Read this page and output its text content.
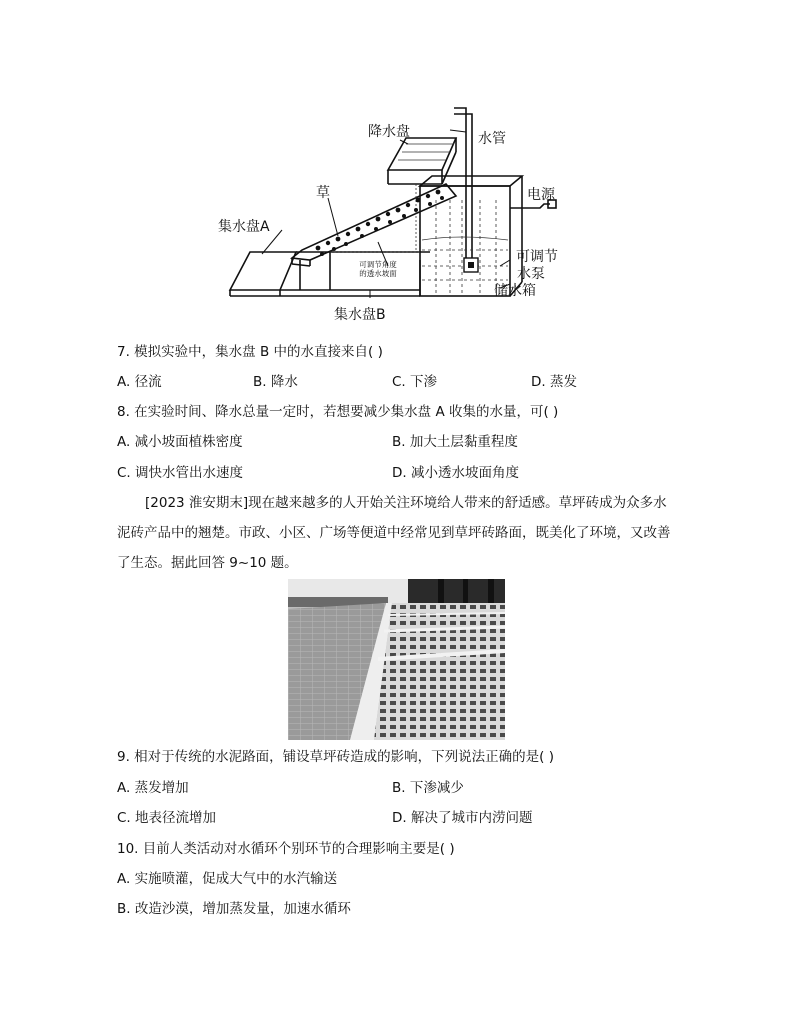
降水盘	水管
草	电源
集水盘A
可调节
水泵
储水箱
集水盘B
可调节角度
的透水坡面
7. 模拟实验中，集水盘 B 中的水直接来自( )
A. 径流	B. 降水	C. 下渗	D. 蒸发
8. 在实验时间、降水总量一定时，若想要减少集水盘 A 收集的水量，可( )
A. 减小坡面植株密度	B. 加大土层黏重程度
C. 调快水管出水速度	D. 减小透水坡面角度
[2023 淮安期末]现在越来越多的人开始关注环境给人带来的舒适感。草坪砖成为众多水泥砖产品中的翘楚。市政、小区、广场等便道中经常见到草坪砖路面，既美化了环境，又改善了生态。据此回答 9~10 题。
9. 相对于传统的水泥路面，铺设草坪砖造成的影响，下列说法正确的是( )
A. 蒸发增加	B. 下渗减少
C. 地表径流增加	D. 解决了城市内涝问题
10. 目前人类活动对水循环个别环节的合理影响主要是( )
A. 实施喷灌，促成大气中的水汽输送
B. 改造沙漠，增加蒸发量，加速水循环
